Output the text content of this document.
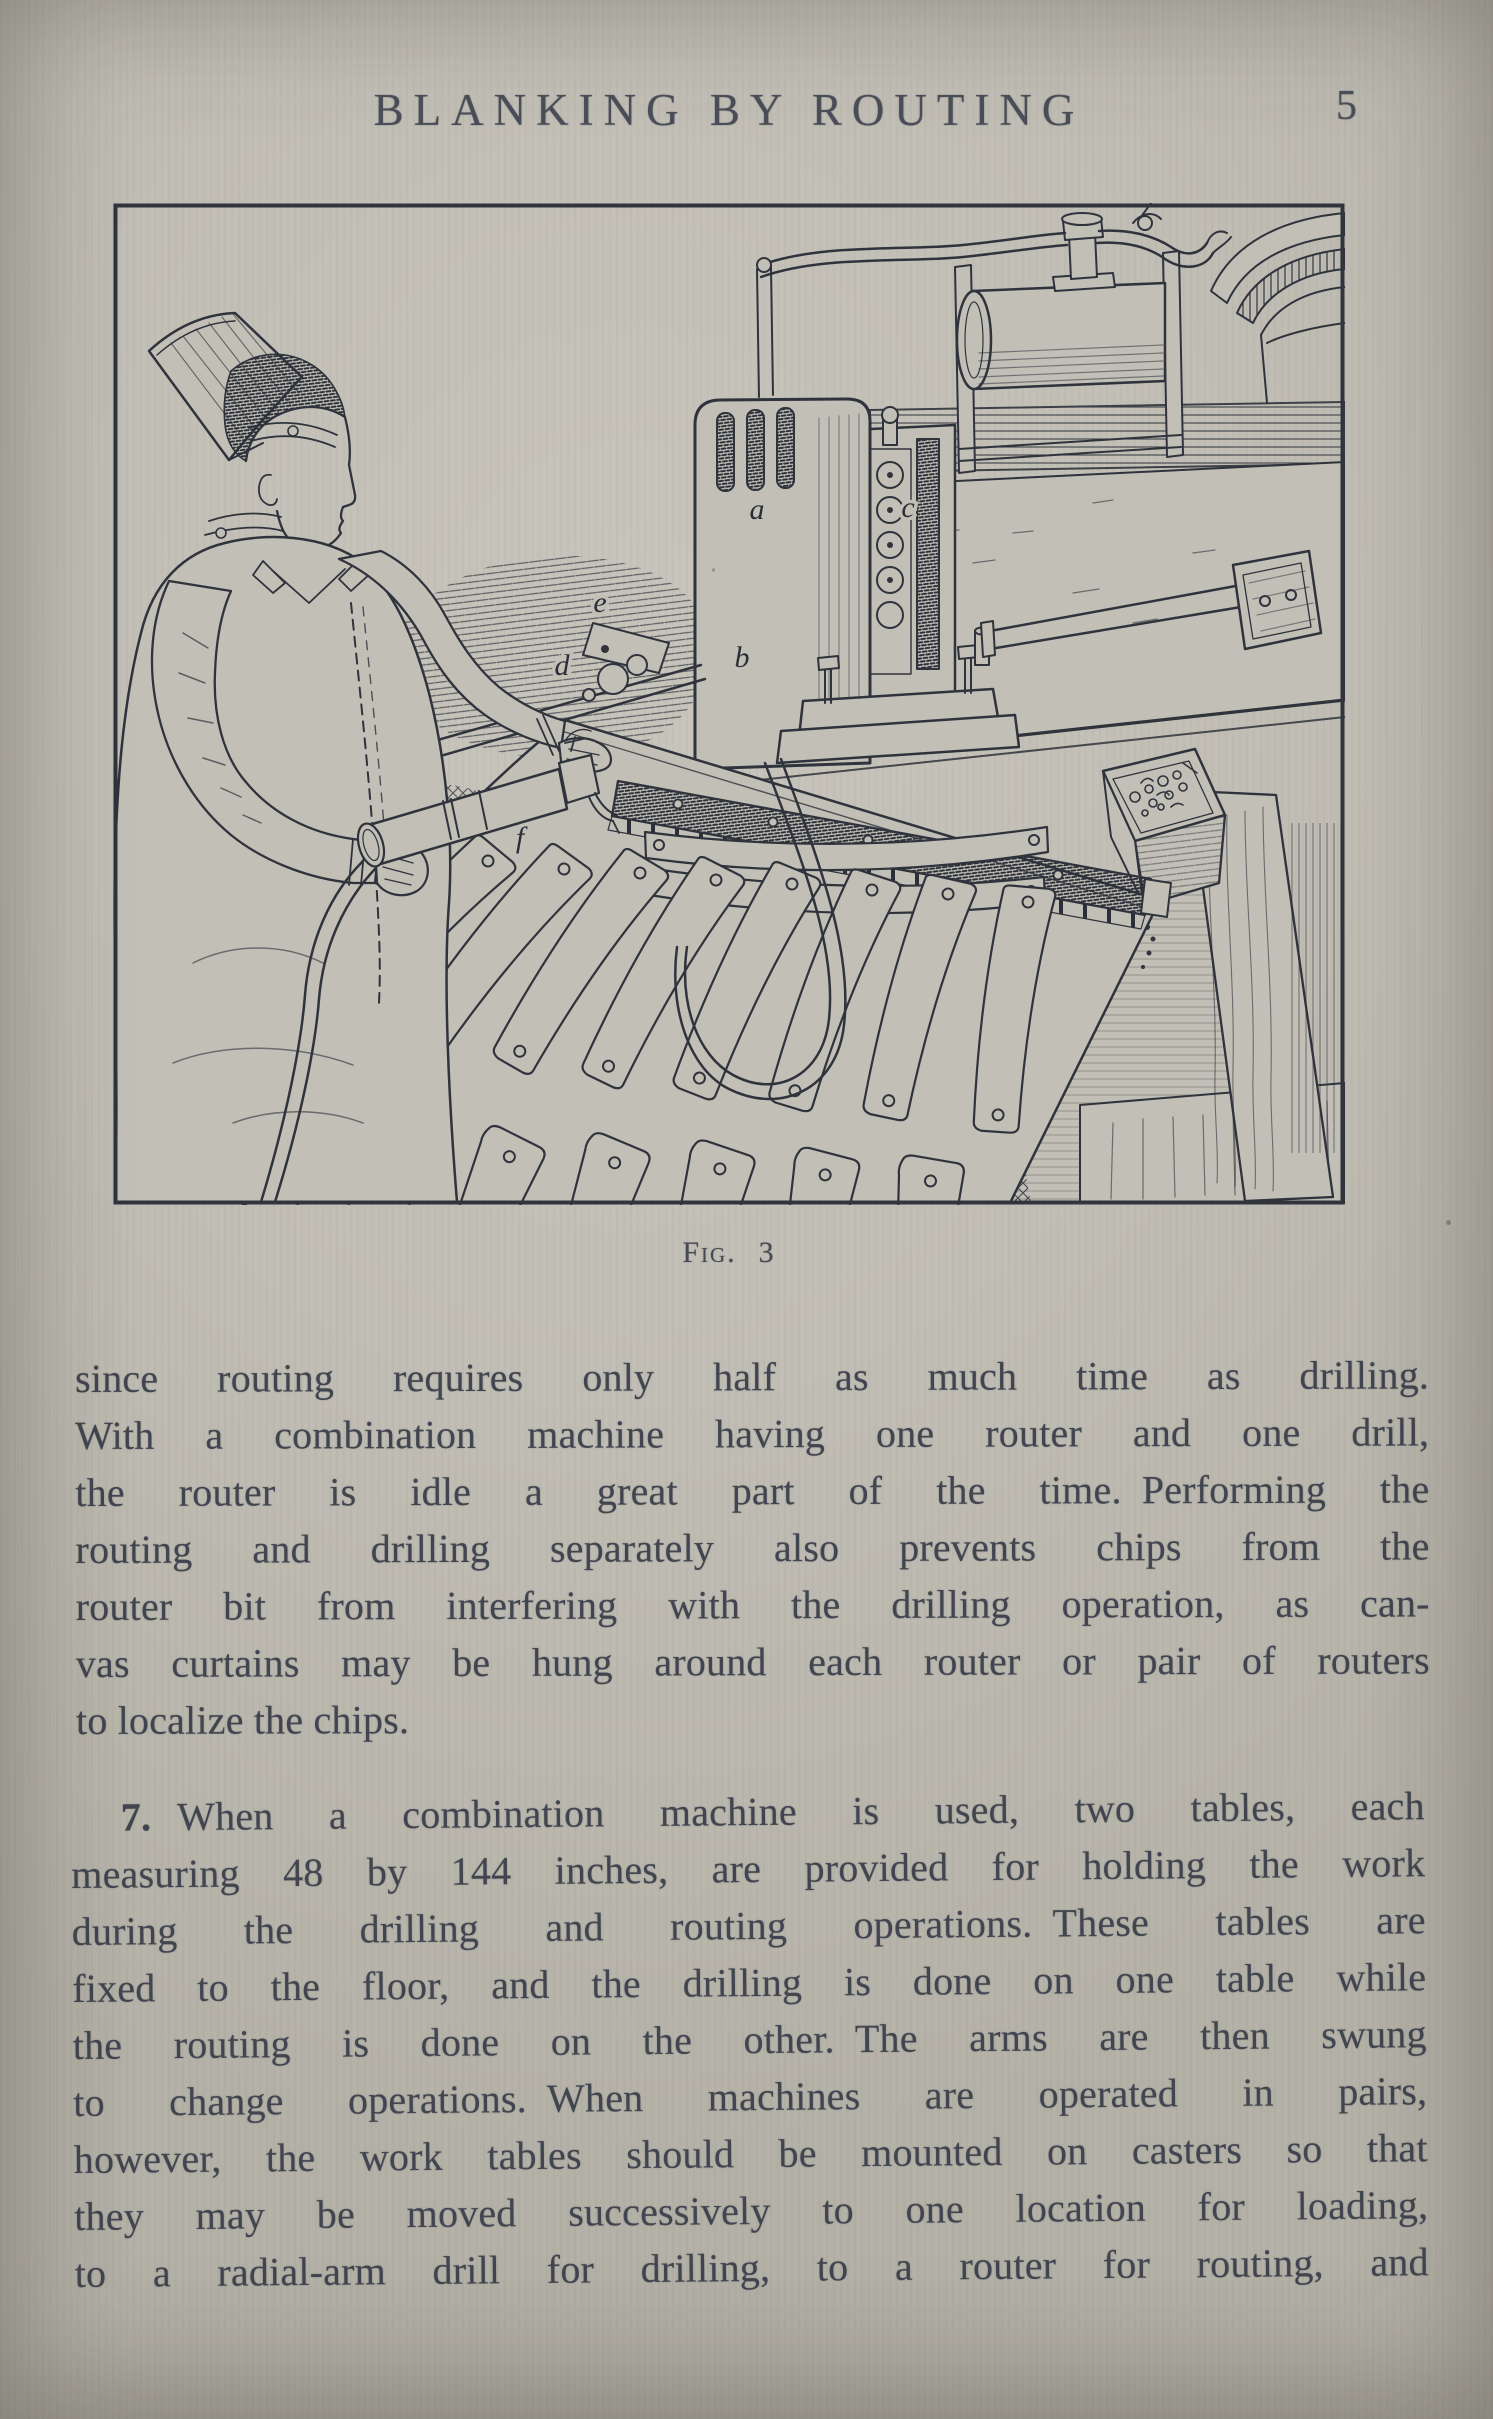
BLANKING BY ROUTING	5
a
b
c
d
e
f
Fig. 3
since routing requires only half as much time as drilling.
With a combination machine having one router and one drill,
the router is idle a great part of the time. Performing the
routing and drilling separately also prevents chips from the
router bit from interfering with the drilling operation, as can-
vas curtains may be hung around each router or pair of routers
to localize the chips.
7. When a combination machine is used, two tables, each
measuring 48 by 144 inches, are provided for holding the work
during the drilling and routing operations. These tables are
fixed to the floor, and the drilling is done on one table while
the routing is done on the other. The arms are then swung
to change operations. When machines are operated in pairs,
however, the work tables should be mounted on casters so that
they may be moved successively to one location for loading,
to a radial-arm drill for drilling, to a router for routing, and
